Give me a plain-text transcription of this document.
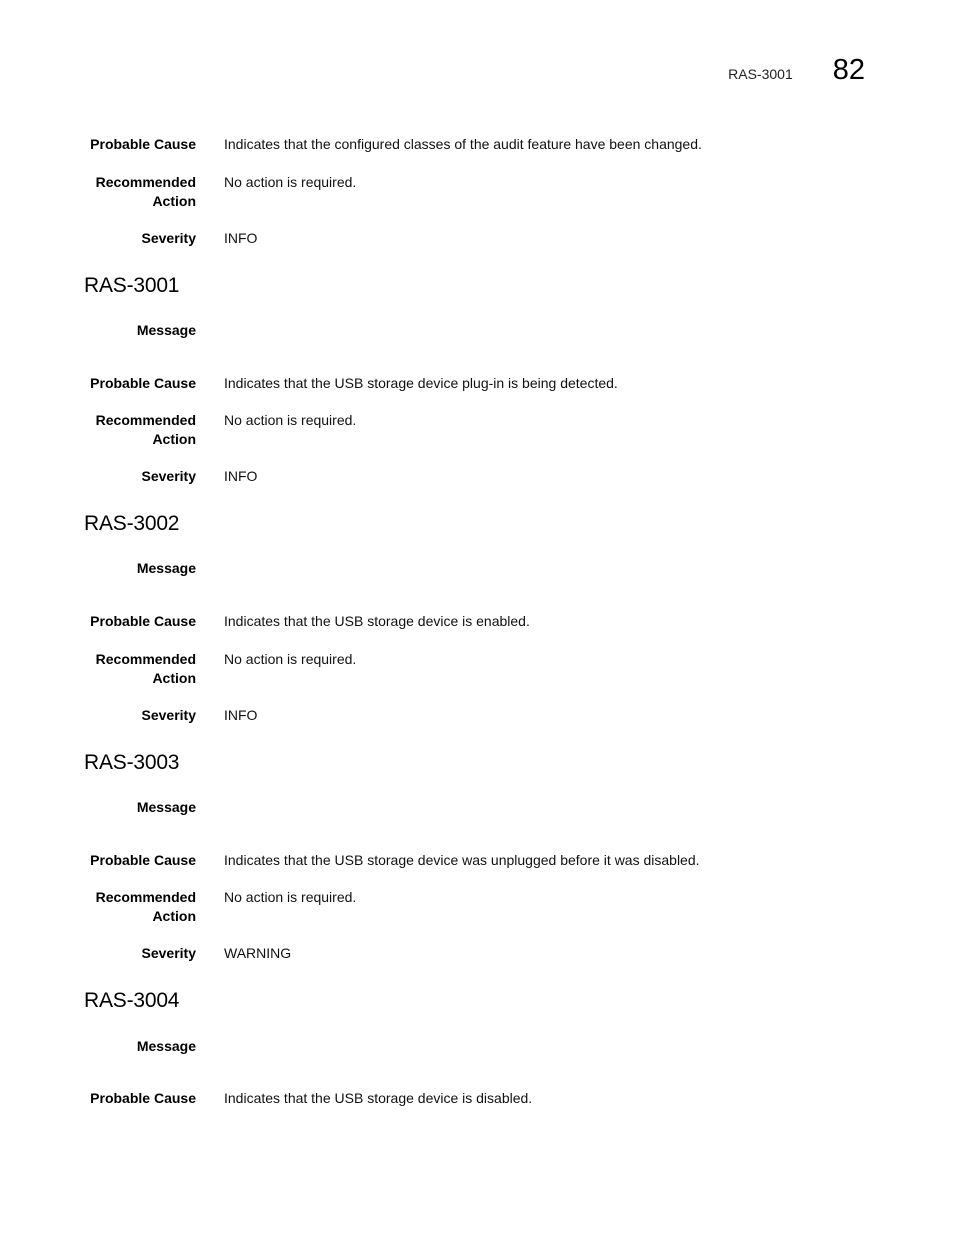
RAS-3001 82
Probable Cause Indicates that the configured classes of the audit feature have been changed.
Recommended
Action
No action is required.
Severity INFO
RAS-3001
Message
Probable Cause Indicates that the USB storage device plug-in is being detected.
Recommended
Action
No action is required.
Severity INFO
RAS-3002
Message
Probable Cause Indicates that the USB storage device is enabled.
Recommended
Action
No action is required.
Severity INFO
RAS-3003
Message
Probable Cause Indicates that the USB storage device was unplugged before it was disabled.
Recommended
Action
No action is required.
Severity WARNING
RAS-3004
Message
Probable Cause Indicates that the USB storage device is disabled.
